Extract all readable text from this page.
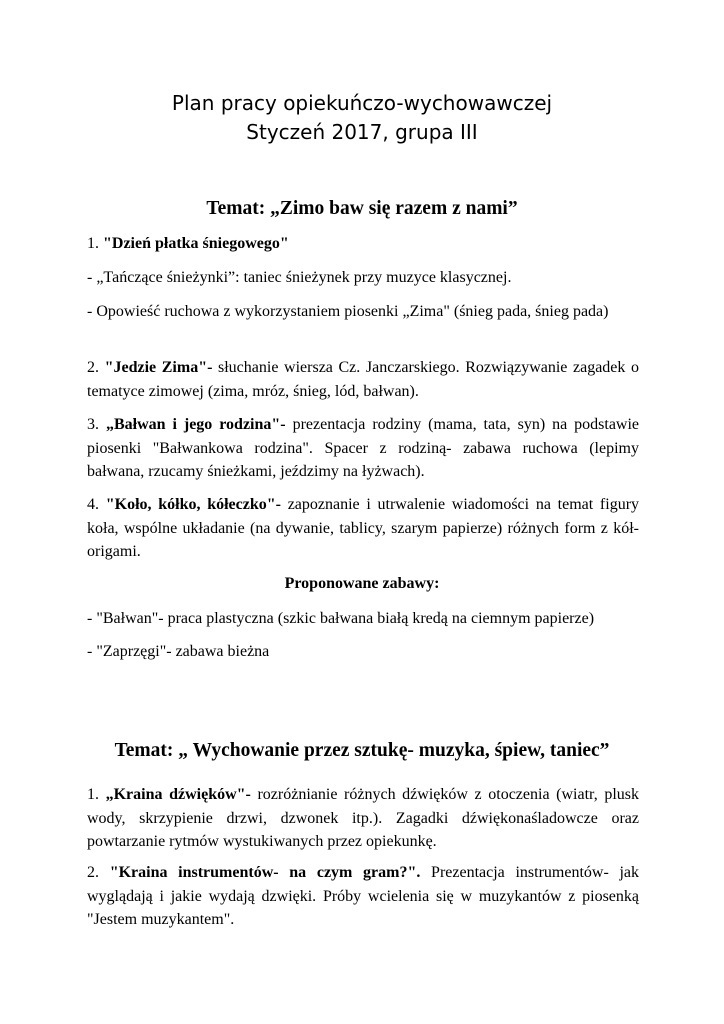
Plan pracy opiekuńczo-wychowawczej
Styczeń 2017, grupa III
Temat: „Zimo baw się razem z nami”
1. "Dzień płatka śniegowego"
- „Tańczące śnieżynki”: taniec śnieżynek przy muzyce klasycznej.
- Opowieść ruchowa z wykorzystaniem piosenki „Zima" (śnieg pada, śnieg pada)
2. "Jedzie Zima"- słuchanie wiersza Cz. Janczarskiego. Rozwiązywanie zagadek o tematyce zimowej (zima, mróz, śnieg, lód, bałwan).
3. „Bałwan i jego rodzina"- prezentacja rodziny (mama, tata, syn) na podstawie piosenki "Bałwankowa rodzina". Spacer z rodziną- zabawa ruchowa (lepimy bałwana, rzucamy śnieżkami, jeździmy na łyżwach).
4. "Koło, kółko, kółeczko"- zapoznanie i utrwalenie wiadomości na temat figury koła, wspólne układanie (na dywanie, tablicy, szarym papierze) różnych form z kół-origami.
Proponowane zabawy:
- "Bałwan"- praca plastyczna (szkic bałwana białą kredą na ciemnym papierze)
- "Zaprzęgi"- zabawa bieżna
Temat: „ Wychowanie przez sztukę- muzyka, śpiew, taniec”
1. „Kraina dźwięków"- rozróżnianie różnych dźwięków z otoczenia (wiatr, plusk wody, skrzypienie drzwi, dzwonek itp.). Zagadki dźwiękonaśladowcze oraz powtarzanie rytmów wystukiwanych przez opiekunkę.
2. "Kraina instrumentów- na czym gram?". Prezentacja instrumentów- jak wyglądają i jakie wydają dzwięki. Próby wcielenia się w muzykantów z piosenką "Jestem muzykantem".
